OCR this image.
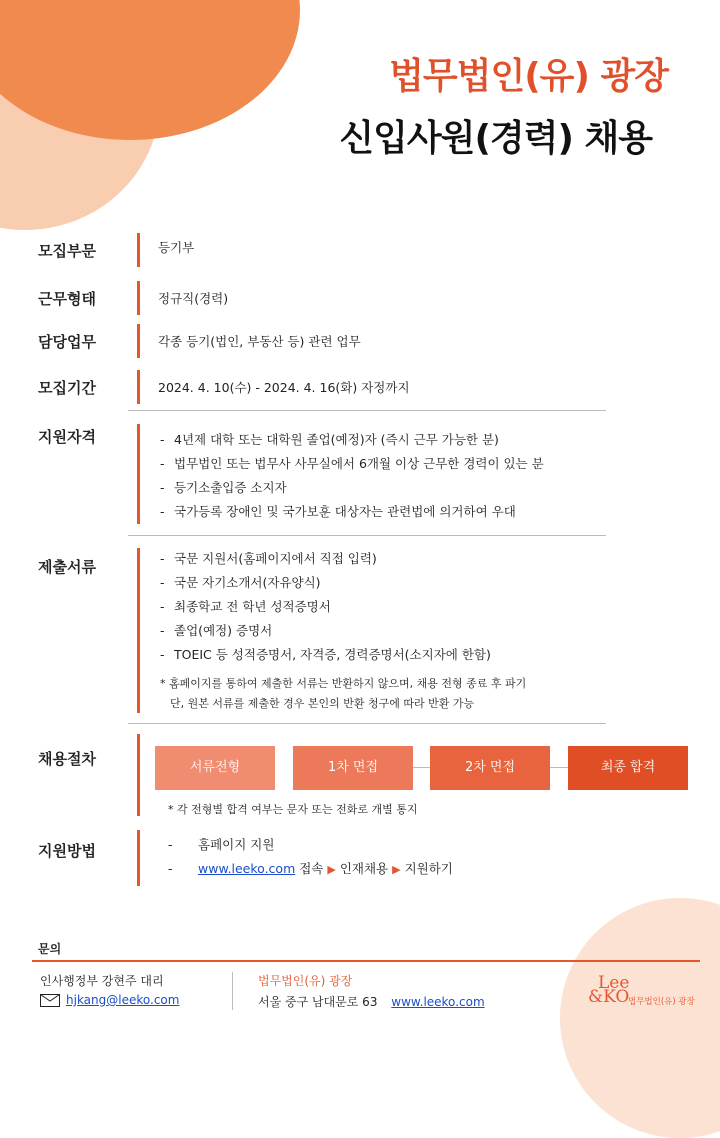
법무법인(유) 광장
신입사원(경력) 채용
모집부문	등기부
근무형태	정규직(경력)
담당업무	각종 등기(법인, 부동산 등) 관련 업무
모집기간	2024. 4. 10(수) - 2024. 4. 16(화) 자정까지
지원자격	- 4년제 대학 또는 대학원 졸업(예정)자 (즉시 근무 가능한 분)
- 법무법인 또는 법무사 사무실에서 6개월 이상 근무한 경력이 있는 분
- 등기소출입증 소지자
- 국가등록 장애인 및 국가보훈 대상자는 관련법에 의거하여 우대
제출서류	- 국문 지원서(홈페이지에서 직접 입력)
- 국문 자기소개서(자유양식)
- 최종학교 전 학년 성적증명서
- 졸업(예정) 증명서
- TOEIC 등 성적증명서, 자격증, 경력증명서(소지자에 한함)
* 홈페이지를 통하여 제출한 서류는 반환하지 않으며, 채용 전형 종료 후 파기
단, 원본 서류를 제출한 경우 본인의 반환 청구에 따라 반환 가능
채용절차	서류전형	1차 면접	2차 면접	최종 합격
* 각 전형별 합격 여부는 문자 또는 전화로 개별 통지
지원방법	- 홈페이지 지원
- www.leeko.com 접속 ▶ 인재채용 ▶ 지원하기
문의
인사행정부 강현주 대리
hjkang@leeko.com
법무법인(유) 광장
서울 중구 남대문로 63 www.leeko.com
Lee
&KO
법무법인(유) 광장
